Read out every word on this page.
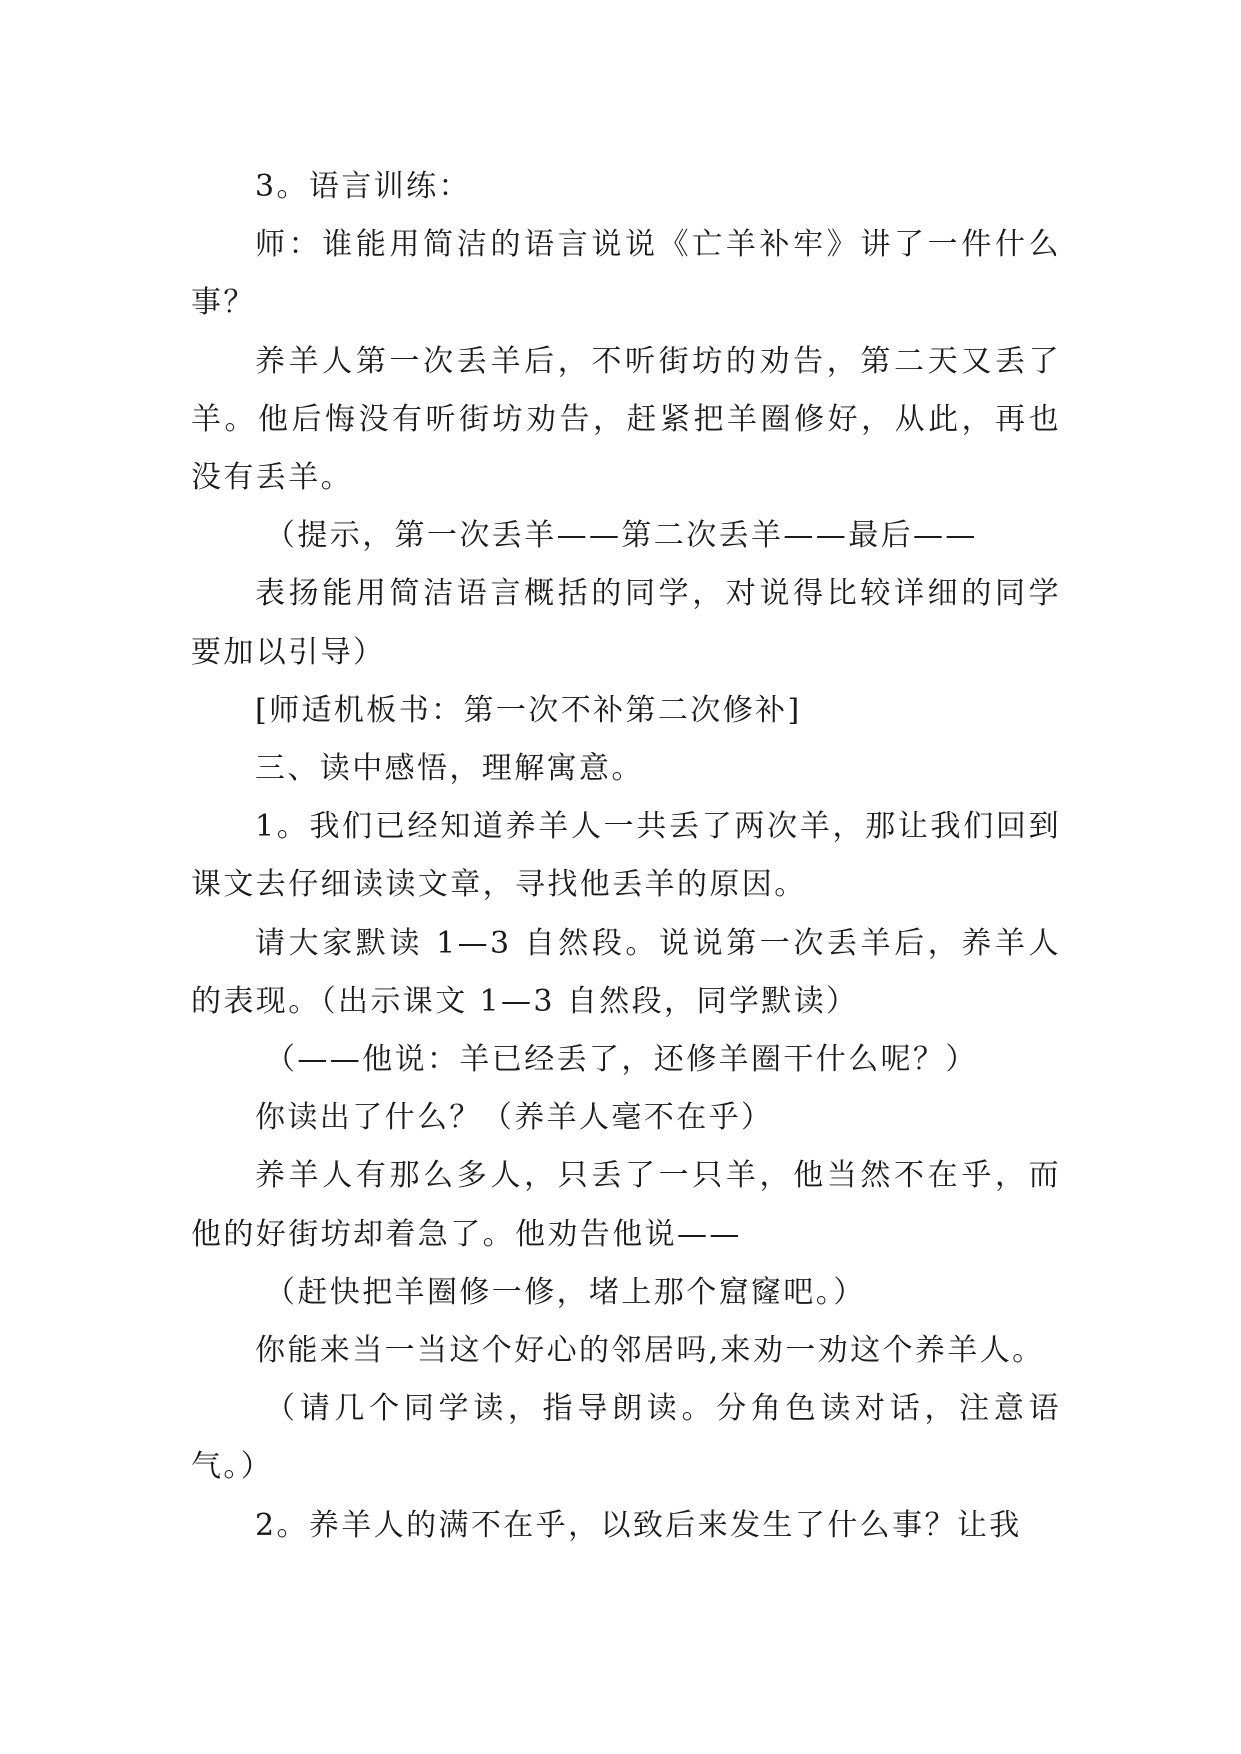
3。语言训练：

师：谁能用简洁的语言说说《亡羊补牢》讲了一件什么事？

养羊人第一次丢羊后，不听街坊的劝告，第二天又丢了羊。他后悔没有听街坊劝告，赶紧把羊圈修好，从此，再也没有丢羊。

（提示，第一次丢羊——第二次丢羊——最后——

表扬能用简洁语言概括的同学，对说得比较详细的同学要加以引导）

[师适机板书：第一次不补第二次修补]

三、读中感悟，理解寓意。

1。我们已经知道养羊人一共丢了两次羊，那让我们回到课文去仔细读读文章，寻找他丢羊的原因。

请大家默读 1—3 自然段。说说第一次丢羊后，养羊人的表现。（出示课文 1—3 自然段，同学默读）

（——他说：羊已经丢了，还修羊圈干什么呢？）

你读出了什么？（养羊人毫不在乎）

养羊人有那么多人，只丢了一只羊，他当然不在乎，而他的好街坊却着急了。他劝告他说——

（赶快把羊圈修一修，堵上那个窟窿吧。）

你能来当一当这个好心的邻居吗,来劝一劝这个养羊人。

（请几个同学读，指导朗读。分角色读对话，注意语气。）

2。养羊人的满不在乎，以致后来发生了什么事？让我
